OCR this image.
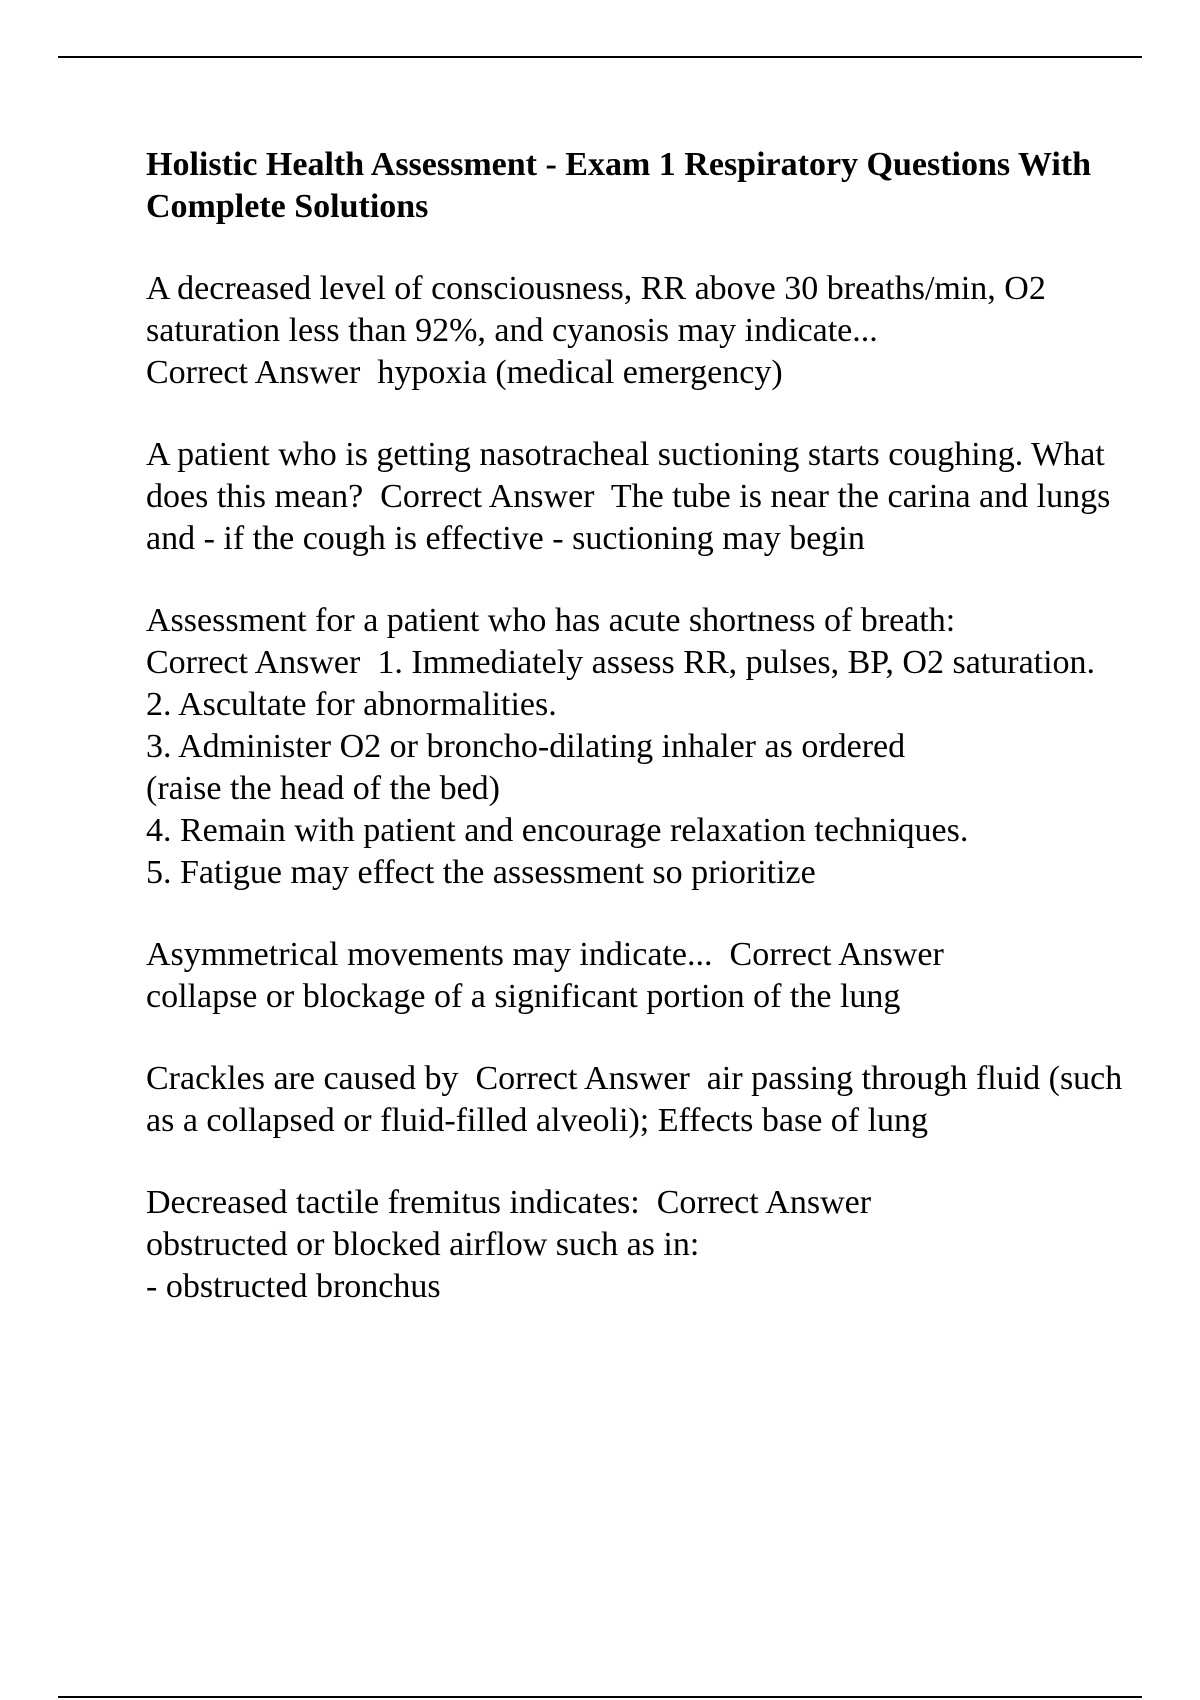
Holistic Health Assessment - Exam 1 Respiratory Questions With Complete Solutions
A decreased level of consciousness, RR above 30 breaths/min, O2 saturation less than 92%, and cyanosis may indicate...
Correct Answer  hypoxia (medical emergency)
A patient who is getting nasotracheal suctioning starts coughing. What does this mean?  Correct Answer  The tube is near the carina and lungs and - if the cough is effective - suctioning may begin
Assessment for a patient who has acute shortness of breath:
Correct Answer  1. Immediately assess RR, pulses, BP, O2 saturation.
2. Ascultate for abnormalities.
3. Administer O2 or broncho-dilating inhaler as ordered
(raise the head of the bed)
4. Remain with patient and encourage relaxation techniques.
5. Fatigue may effect the assessment so prioritize
Asymmetrical movements may indicate...  Correct Answer
collapse or blockage of a significant portion of the lung
Crackles are caused by  Correct Answer  air passing through fluid (such as a collapsed or fluid-filled alveoli); Effects base of lung
Decreased tactile fremitus indicates:  Correct Answer
obstructed or blocked airflow such as in:
- obstructed bronchus
